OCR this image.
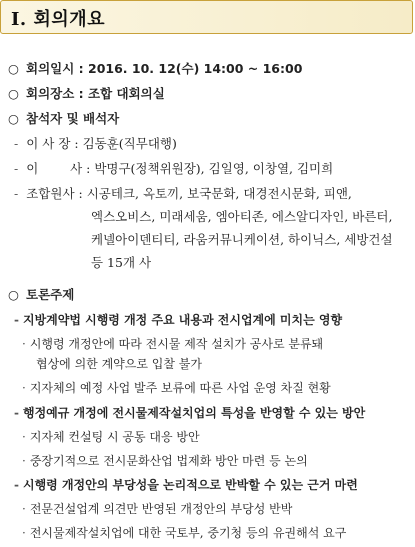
Ⅰ. 회의개요
○ 회의일시 : 2016. 10. 12(수) 14:00 ~ 16:00
○ 회의장소 : 조합 대회의실
○ 참석자 및 배석자
- 이 사 장 : 김동훈(직무대행)
- 이        사 : 박명구(정책위원장), 김일영, 이창열, 김미희
- 조합원사 : 시공테크, 옥토끼, 보국문화, 대경전시문화, 피앤,
엑스오비스, 미래세움, 엠아티존, 에스알디자인, 바른터,
케넬아이덴티티, 라움커뮤니케이션, 하이닉스, 세방건설
등 15개 사
○ 토론주제
- 지방계약법 시행령 개정 주요 내용과 전시업계에 미치는 영향
· 시행령 개정안에 따라 전시물 제작 설치가 공사로 분류돼
협상에 의한 계약으로 입찰 불가
· 지자체의 예정 사업 발주 보류에 따른 사업 운영 차질 현황
- 행정예규 개정에 전시물제작설치업의 특성을 반영할 수 있는 방안
· 지자체 컨설팅 시 공동 대응 방안
· 중장기적으로 전시문화산업 법제화 방안 마련 등 논의
- 시행령 개정안의 부당성을 논리적으로 반박할 수 있는 근거 마련
· 전문건설업계 의견만 반영된 개정안의 부당성 반박
· 전시물제작설치업에 대한 국토부, 중기청 등의 유권해석 요구
